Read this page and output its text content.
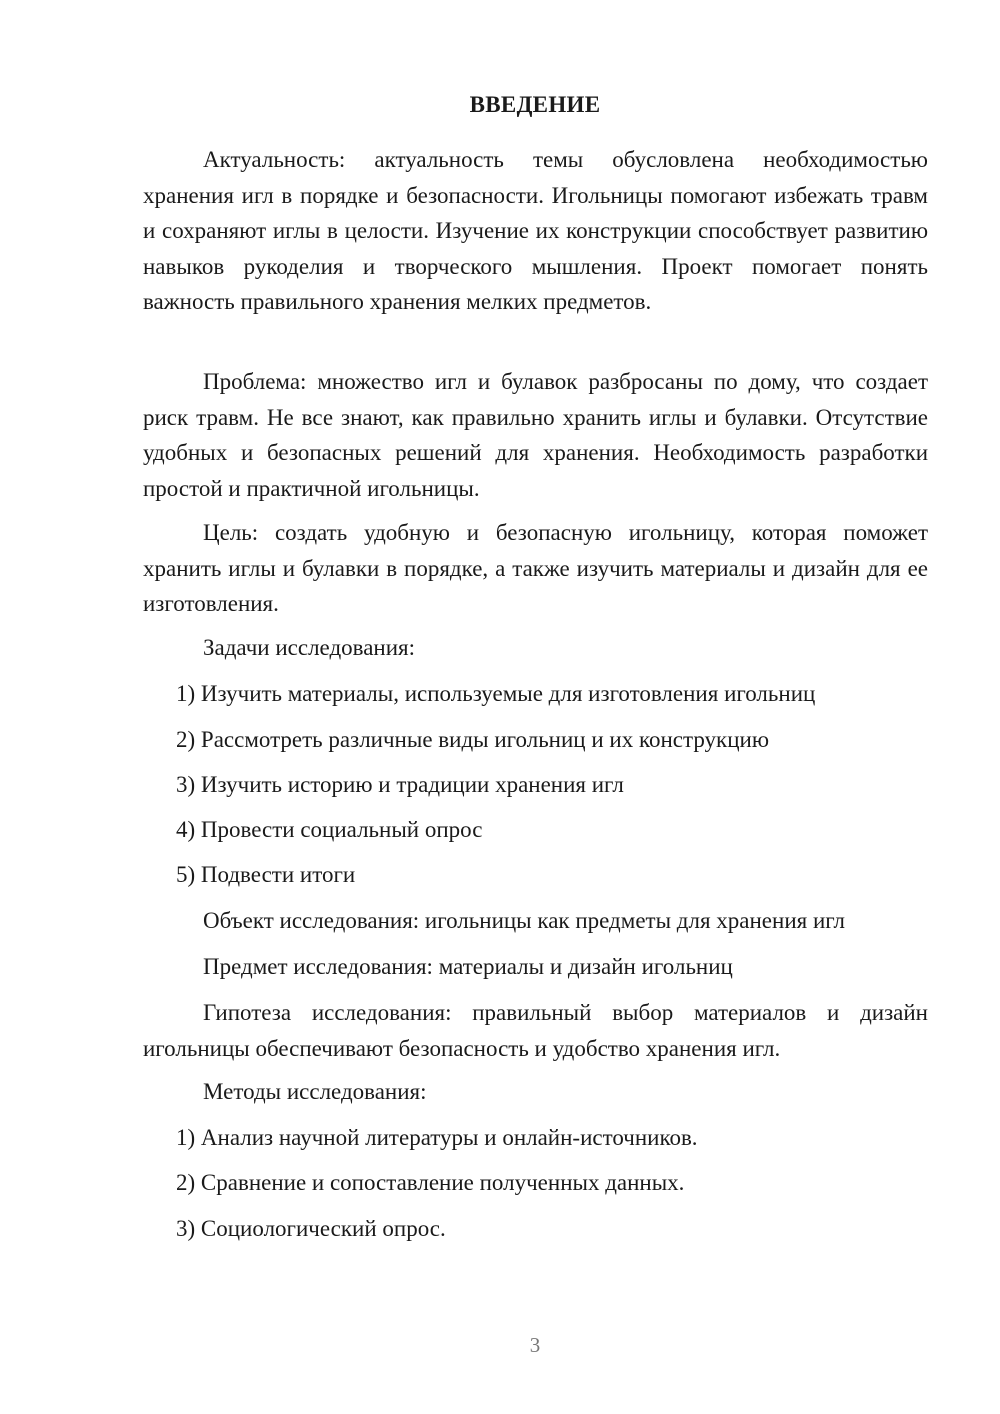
ВВЕДЕНИЕ
Актуальность: актуальность темы обусловлена необходимостью хранения игл в порядке и безопасности. Игольницы помогают избежать травм и сохраняют иглы в целости. Изучение их конструкции способствует развитию навыков рукоделия и творческого мышления. Проект помогает понять важность правильного хранения мелких предметов.
Проблема: множество игл и булавок разбросаны по дому, что создает риск травм. Не все знают, как правильно хранить иглы и булавки. Отсутствие удобных и безопасных решений для хранения. Необходимость разработки простой и практичной игольницы.
Цель: создать удобную и безопасную игольницу, которая поможет хранить иглы и булавки в порядке, а также изучить материалы и дизайн для ее изготовления.
Задачи исследования:
1) Изучить материалы, используемые для изготовления игольниц
2) Рассмотреть различные виды игольниц и их конструкцию
3) Изучить историю и традиции хранения игл
4) Провести социальный опрос
5) Подвести итоги
Объект исследования: игольницы как предметы для хранения игл
Предмет исследования: материалы и дизайн игольниц
Гипотеза исследования: правильный выбор материалов и дизайн игольницы обеспечивают безопасность и удобство хранения игл.
Методы исследования:
1) Анализ научной литературы и онлайн-источников.
2) Сравнение и сопоставление полученных данных.
3) Социологический опрос.
3
